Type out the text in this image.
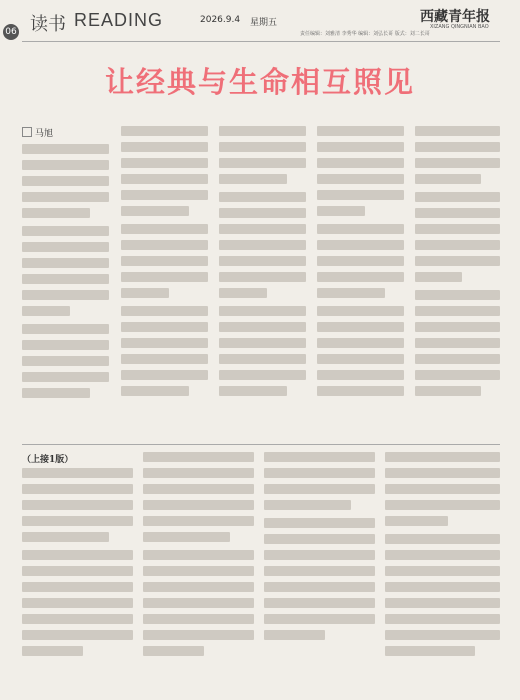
读书 READING
06
2026.9.4 星期五
责任编辑：刘雅清 李秀华 编辑：刘弘长哥 版式：刘二长哥
西藏青年报
XIZANG QINGNIAN BAO
让经典与生命相互照见
马旭
（上接1版）
